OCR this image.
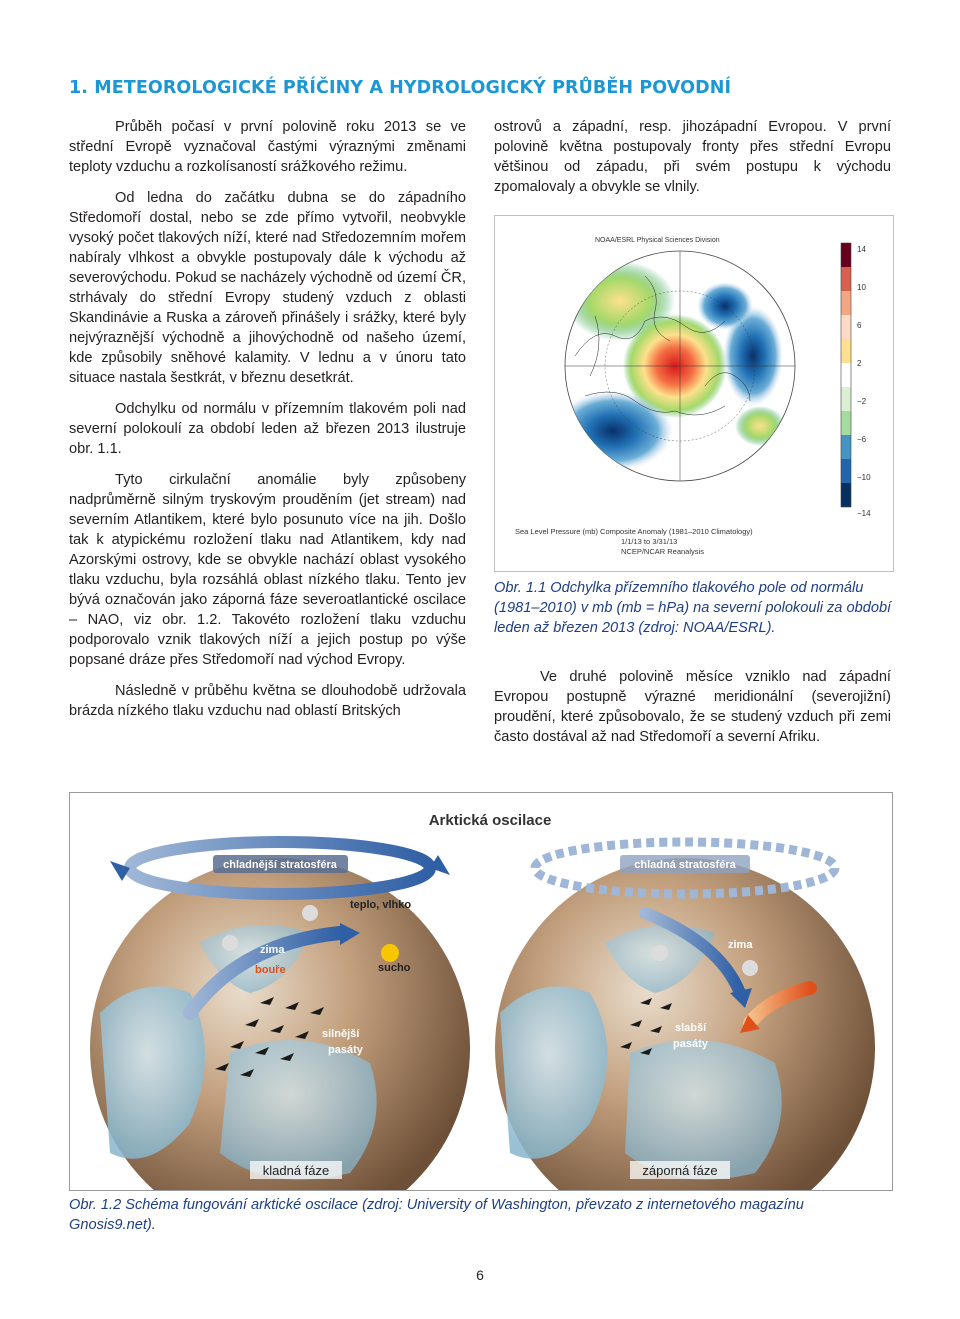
1. METEOROLOGICKÉ PŘÍČINY A HYDROLOGICKÝ PRŮBĚH POVODNÍ

Průběh počasí v první polovině roku 2013 se ve střední Evropě vyznačoval častými výraznými změnami teploty vzduchu a rozkolísaností srážkového režimu.

Od ledna do začátku dubna se do západního Středomoří dostal, nebo se zde přímo vytvořil, neobvykle vysoký počet tlakových níží, které nad Středozemním mořem nabíraly vlhkost a obvykle postupovaly dále k východu až severovýchodu. Pokud se nacházely východně od území ČR, strhávaly do střední Evropy studený vzduch z oblasti Skandinávie a Ruska a zároveň přinášely i srážky, které byly nejvýraznější východně a jihovýchodně od našeho území, kde způsobily sněhové kalamity. V lednu a v únoru tato situace nastala šestkrát, v březnu desetkrát.

Odchylku od normálu v přízemním tlakovém poli nad severní polokoulí za období leden až březen 2013 ilustruje obr. 1.1.

Tyto cirkulační anomálie byly způsobeny nadprůměrně silným tryskovým prouděním (jet stream) nad severním Atlantikem, které bylo posunuto více na jih. Došlo tak k atypickému rozložení tlaku nad Atlantikem, kdy nad Azorskými ostrovy, kde se obvykle nachází oblast vysokého tlaku vzduchu, byla rozsáhlá oblast nízkého tlaku. Tento jev bývá označován jako záporná fáze severoatlantické oscilace – NAO, viz obr. 1.2. Takovéto rozložení tlaku vzduchu podporovalo vznik tlakových níží a jejich postup po výše popsané dráze přes Středomoří nad východ Evropy.

Následně v průběhu května se dlouhodobě udržovala brázda nízkého tlaku vzduchu nad oblastí Britských

ostrovů a západní, resp. jihozápadní Evropou. V první polovině května postupovaly fronty přes střední Evropu většinou od západu, při svém postupu k východu zpomalovaly a obvykle se vlnily.

NOAA/ESRL Physical Sciences Division
14
10
6
2
−2
−6
−10
−14
Sea Level Pressure (mb) Composite Anomaly (1981–2010 Climatology)
1/1/13 to 3/31/13
NCEP/NCAR Reanalysis
Obr. 1.1 Odchylka přízemního tlakového pole od normálu (1981–2010) v mb (mb = hPa) na severní polokouli za období leden až březen 2013 (zdroj: NOAA/ESRL).

Ve druhé polovině měsíce vzniklo nad západní Evropou postupně výrazné meridionální (severojižní) proudění, které způsobovalo, že se studený vzduch při zemi často dostával až nad Středomoří a severní Afriku.

Arktická oscilace
chladnější stratosféra
teplo, vlhko
zima
bouře	sucho
silnější
pasáty
kladná fáze
chladná stratosféra
zima
slabší
pasáty
záporná fáze
Obr. 1.2 Schéma fungování arktické oscilace (zdroj: University of Washington, převzato z internetového magazínu Gnosis9.net).
6
